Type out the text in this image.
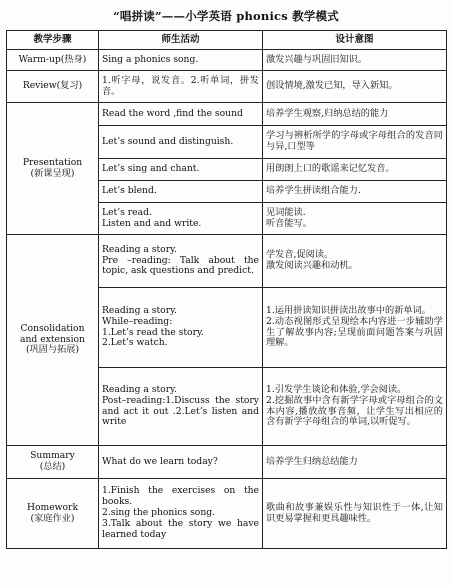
“唱拼读”——小学英语 phonics 教学模式
教学步骤	师生活动	设计意图

Warm-up(热身)	Sing a phonics song.	激发兴趣与巩固旧知识。

Review(复习)	1.听字母，说发音。2.听单词，拼发音。	创设情境,激发已知，导入新知。

Presentation
(新课呈现)	Read the word ,find the sound	培养学生观察,归纳总结的能力

	Let’s sound and distinguish.	学习与辨析所学的字母或字母组合的发音同与异,口型等

	Let’s sing and chant.	用朗朗上口的歌谣来记忆发音。

	Let’s blend.	培养学生拼读组合能力.

	Let’s read.
Listen and and write.	见词能读.
听音能写。

Consolidation
and extension
(巩固与拓展)	Reading a story.
Pre –reading: Talk about the topic, ask questions and predict.	学发音,促阅读。
激发阅读兴趣和动机。

	Reading a story.
While–reading:
1.Let’s read the story.
2.Let’s watch.	1.运用拼读知识拼读出故事中的新单词。
2.动态视图形式呈现绘本内容进一步辅助学生了解故事内容;呈现前面问题答案与巩固理解。

	Reading a story.
Post–reading:1.Discuss the story and act it out .2.Let’s listen and write	1.引发学生谈论和体验,学会阅读。
2.挖掘故事中含有新学字母或字母组合的文本内容,播放故事音频，让学生写出相应的含有新学字母组合的单词,以听促写。

Summary
(总结)	What do we learn today?	培养学生归纳总结能力

Homework
(家庭作业)	1.Finish the exercises on the books.
2.sing the phonics song.
3.Talk about the story we have learned today	歌曲和故事兼娱乐性与知识性于一体,让知识更易掌握和更具趣味性。
